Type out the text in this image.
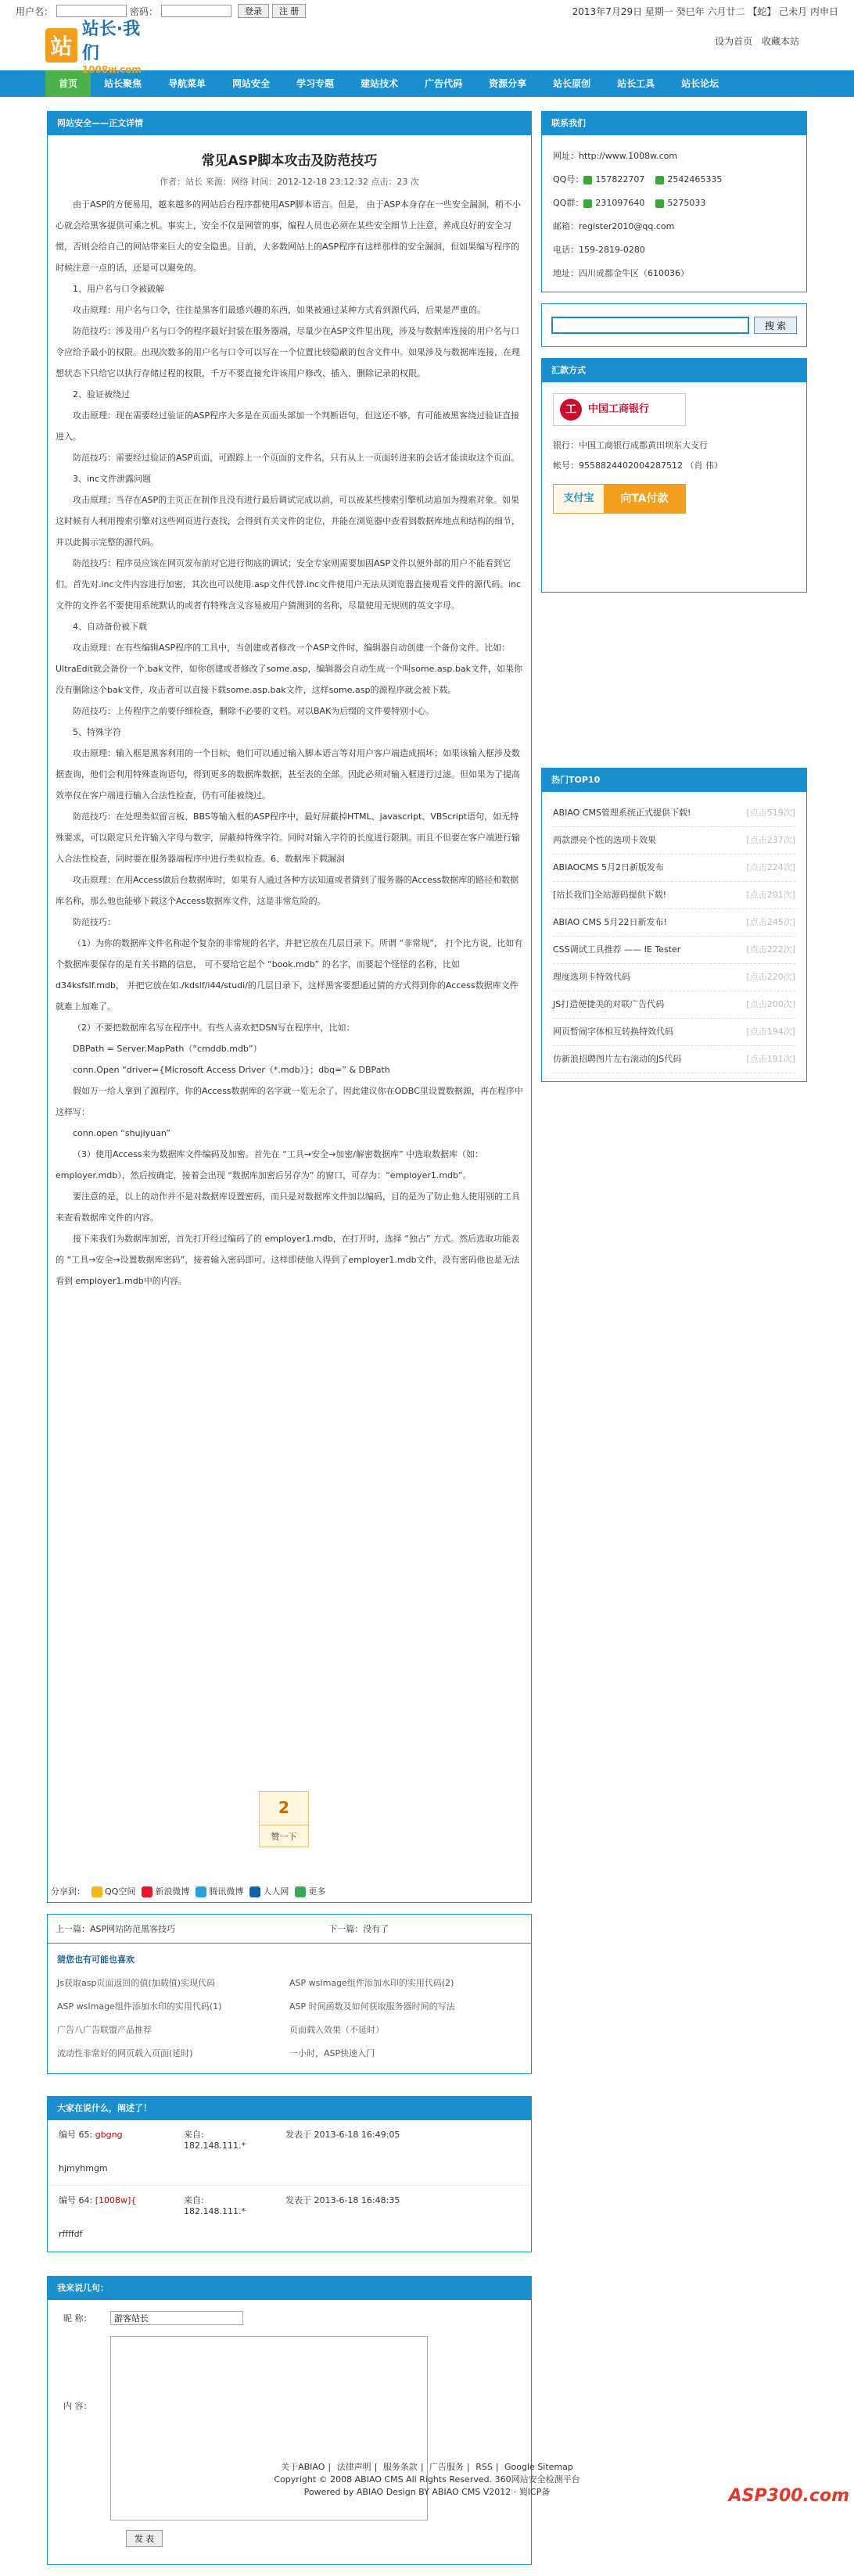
用户名：	密码：	登录	注 册	2013年7月29日 星期一 癸巳年 六月廿二 【蛇】 己未月 丙申日
站
站长·我们
1008w.com
设为首页 收藏本站
首页	站长聚焦	导航菜单	网站安全	学习专题	建站技术	广告代码	资源分享	站长原创	站长工具	站长论坛
网站安全——正文详情
常见ASP脚本攻击及防范技巧
作者：站长 来源：网络 时间：2012-12-18 23:12:32 点击：23 次

由于ASP的方便易用，越来越多的网站后台程序都使用ASP脚本语言。但是， 由于ASP本身存在一些安全漏洞，稍不小心就会给黑客提供可乘之机。事实上，安全不仅是网管的事，编程人员也必须在某些安全细节上注意，养成良好的安全习惯，否则会给自己的网站带来巨大的安全隐患。目前，大多数网站上的ASP程序有这样那样的安全漏洞，但如果编写程序的时候注意一点的话，还是可以避免的。

1、用户名与口令被破解

攻击原理：用户名与口令，往往是黑客们最感兴趣的东西，如果被通过某种方式看到源代码，后果是严重的。

防范技巧：涉及用户名与口令的程序最好封装在服务器端，尽量少在ASP文件里出现，涉及与数据库连接的用户名与口令应给予最小的权限。出现次数多的用户名与口令可以写在一个位置比较隐蔽的包含文件中。如果涉及与数据库连接，在理想状态下只给它以执行存储过程的权限，千万不要直接允许该用户修改、插入、删除记录的权限。

2、验证被绕过

攻击原理：现在需要经过验证的ASP程序大多是在页面头部加一个判断语句，但这还不够，有可能被黑客绕过验证直接进入。

防范技巧：需要经过验证的ASP页面，可跟踪上一个页面的文件名，只有从上一页面转进来的会话才能读取这个页面。

3、inc文件泄露问题

攻击原理：当存在ASP的主页正在制作且没有进行最后调试完成以前，可以被某些搜索引擎机动追加为搜索对象。如果这时候有人利用搜索引擎对这些网页进行查找，会得到有关文件的定位，并能在浏览器中查看到数据库地点和结构的细节，并以此揭示完整的源代码。

防范技巧：程序员应该在网页发布前对它进行彻底的调试；安全专家则需要加固ASP文件以便外部的用户不能看到它们。首先对.inc文件内容进行加密，其次也可以使用.asp文件代替.inc文件使用户无法从浏览器直接观看文件的源代码。inc文件的文件名不要使用系统默认的或者有特殊含义容易被用户猜测到的名称，尽量使用无规则的英文字母。

4、自动备份被下载

攻击原理：在有些编辑ASP程序的工具中，当创建或者修改一个ASP文件时，编辑器自动创建一个备份文件。比如：UltraEdit就会备份一个.bak文件，如你创建或者修改了some.asp，编辑器会自动生成一个叫some.asp.bak文件，如果你没有删除这个bak文件，攻击者可以直接下载some.asp.bak文件，这样some.asp的源程序就会被下载。

防范技巧：上传程序之前要仔细检查，删除不必要的文档。对以BAK为后缀的文件要特别小心。

5、特殊字符

攻击原理：输入框是黑客利用的一个目标，他们可以通过输入脚本语言等对用户客户端造成损坏；如果该输入框涉及数据查询，他们会利用特殊查询语句，得到更多的数据库数据，甚至表的全部。因此必须对输入框进行过滤。但如果为了提高效率仅在客户端进行输入合法性检查，仍有可能被绕过。

防范技巧：在处理类似留言板、BBS等输入框的ASP程序中，最好屏蔽掉HTML、javascript、VBScript语句，如无特殊要求，可以限定只允许输入字母与数字，屏蔽掉特殊字符。同时对输入字符的长度进行限制。而且不但要在客户端进行输入合法性检查，同时要在服务器端程序中进行类似检查。6、数据库下载漏洞

攻击原理：在用Access做后台数据库时，如果有人通过各种方法知道或者猜到了服务器的Access数据库的路径和数据库名称，那么他也能够下载这个Access数据库文件，这是非常危险的。

防范技巧：

（1）为你的数据库文件名称起个复杂的非常规的名字，并把它放在几层目录下。所谓 “非常规”， 打个比方说，比如有个数据库要保存的是有关书籍的信息， 可不要给它起个 “book.mdb” 的名字，而要起个怪怪的名称，比如d34ksfslf.mdb， 并把它放在如./kdslf/i44/studi/的几层目录下，这样黑客要想通过猜的方式得到你的Access数据库文件就难上加难了。

（2）不要把数据库名写在程序中。有些人喜欢把DSN写在程序中，比如：

DBPath = Server.MapPath（“cmddb.mdb”）

conn.Open “driver={Microsoft Access Driver（*.mdb）}；dbq=” & DBPath

假如万一给人拿到了源程序，你的Access数据库的名字就一览无余了。因此建议你在ODBC里设置数据源，再在程序中这样写：

conn.open “shujiyuan”

（3）使用Access来为数据库文件编码及加密。首先在 “工具→安全→加密/解密数据库” 中选取数据库（如：employer.mdb），然后按确定，接着会出现 “数据库加密后另存为” 的窗口，可存为：“employer1.mdb”。

要注意的是，以上的动作并不是对数据库设置密码，而只是对数据库文件加以编码，目的是为了防止他人使用别的工具来查看数据库文件的内容。

接下来我们为数据库加密，首先打开经过编码了的 employer1.mdb，在打开时，选择 “独占” 方式。然后选取功能表的 “工具→安全→设置数据库密码”，接着输入密码即可。这样即使他人得到了employer1.mdb文件，没有密码他也是无法看到 employer1.mdb中的内容。

2
赞一下
分享到：	QQ空间	新浪微博	腾讯微博	人人网	更多
上一篇：ASP网站防范黑客技巧	下一篇：没有了
猜您也有可能也喜欢
Js获取asp页面返回的值(加载值)实现代码	ASP wsImage组件添加水印的实用代码(2)
ASP wsImage组件添加水印的实用代码(1)	ASP 时间函数及如何获取服务器时间的写法
广告八广告联盟产品推荐	页面载入效果（不延时）
流动性非常好的网页载入页面(延时)	一小时，ASP快速入门
大家在说什么，阐述了！
编号 65: gbgng	来自:
182.148.111.*
发表于 2013-6-18 16:49:05
hjmyhmgm
编号 64: [1008w]{	来自:
182.148.111.*
发表于 2013-6-18 16:48:35
rffffdf
我来说几句：
昵 称：
游客站长
内 容：
发 表
联系我们
网址：http://www.1008w.com
QQ号： 157822707	2542465335
QQ群： 231097640	5275033
邮箱：register2010@qq.com
电话：159-2819-0280
地址：四川成都金牛区（610036）
搜 索
汇款方式
工	中国工商银行
银行：中国工商银行成都黄田坝东大支行
帐号：9558824402004287512 （肖 伟）
支付宝	向TA付款
热门TOP10
ABIAO CMS管理系统正式提供下载!	[点击519次]
两款漂亮个性的选项卡效果	[点击237次]
ABIAOCMS 5月2日新版发布	[点击224次]
[站长我们]全站源码提供下载!	[点击201次]
ABIAO CMS 5月22日新发布!	[点击245次]
CSS调试工具推荐 —— IE Tester	[点击222次]
理度选项卡特效代码	[点击220次]
JS打造便捷美的对联广告代码	[点击200次]
网页暂闹字体相互转换特效代码	[点击194次]
仿新浪招聘图片左右滚动的JS代码	[点击191次]
关于ABIAO | 法律声明 | 服务条款 | 广告服务 | RSS | Google Sitemap
Copyright © 2008 ABIAO CMS All Rights Reserved. 360网站安全检测平台
Powered by ABIAO Design BY ABIAO CMS V2012 · 蜀ICP备	ASP300.com
